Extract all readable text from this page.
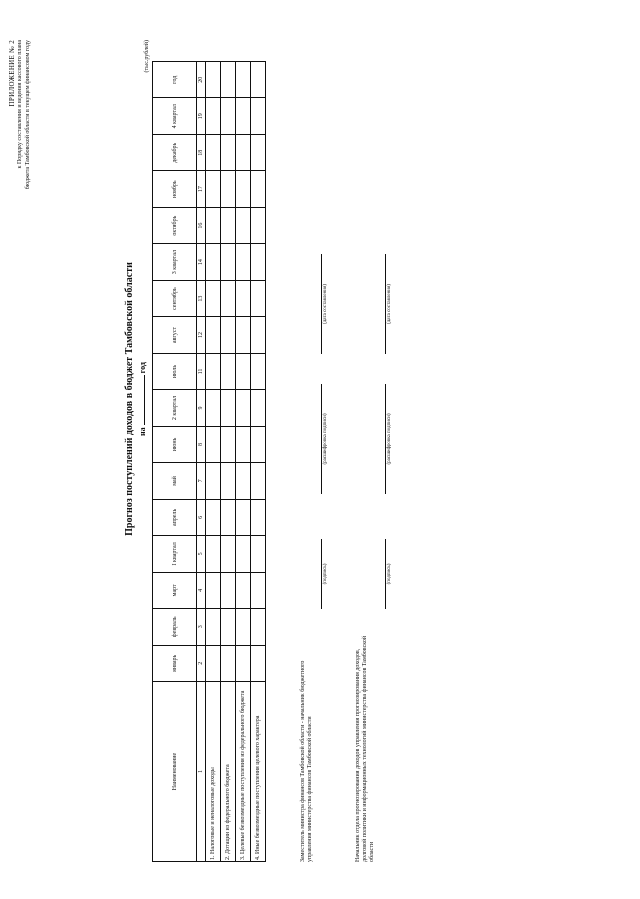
ПРИЛОЖЕНИЕ № 2 к Порядку составления и ведения кассового плана бюджета Тамбовской области в текущем финансовом году
Прогноз поступлений доходов в бюджет Тамбовской области на  год
(тыс.рублей)
Наименование	январь	февраль	март	I квартал	апрель	май	июнь	2 квартал	июль	август	сентябрь	3 квартал	октябрь	ноябрь	декабрь	4 квартал	год
1	2	3	4	5	6	7	8	9	11	12	13	14	16	17	18	19	20
1. Налоговые и неналоговые доходы																	
2. Дотации из федерального бюджета																	
3. Целевые безвозмездные поступления из федерального бюджета																	
4. Иные безвозмездные поступления целевого характера																		Заместитель министра финансов Тамбовской области - начальник бюджетного управления министерства финансов Тамбовской области
(подпись)
(расшифровка подписи)
(дата составления)
Начальник отдела прогнозирования доходов управления прогнозирования доходов, долговой политики и информационных технологий министерства финансов Тамбовской области
(подпись)
(расшифровка подписи)
(дата составления)
